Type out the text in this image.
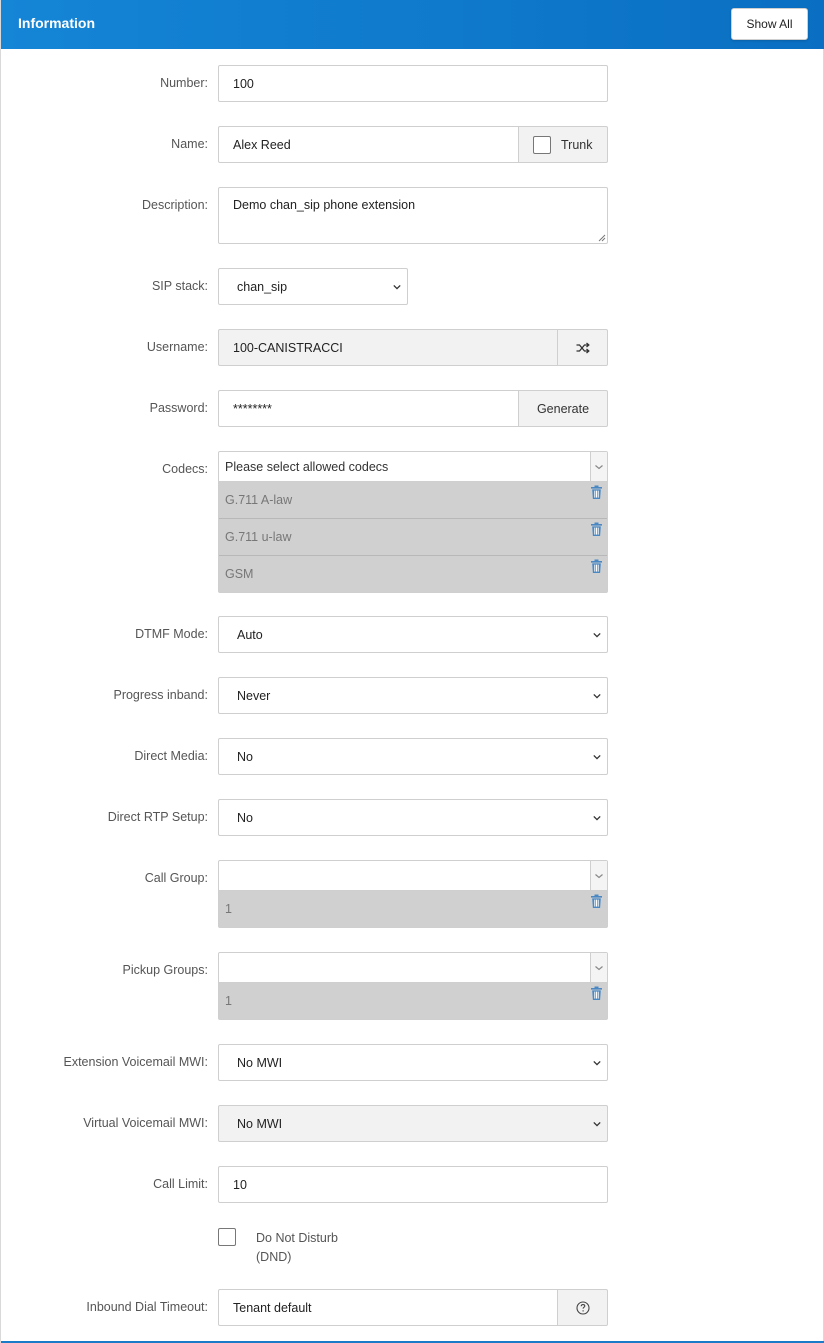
Information	Show All
Number:	100
Name:	Alex Reed	Trunk
Description:	Demo chan_sip phone extension
SIP stack: chan_sip
Username:	100-CANISTRACCI
Password:	********	Generate
Codecs: Please select allowed codecs
G.711 A-law
G.711 u-law
GSM
DTMF Mode: Auto
Progress inband: Never
Direct Media: No
Direct RTP Setup: No
Call Group:
1
Pickup Groups:
1
Extension Voicemail MWI: No MWI
Virtual Voicemail MWI: No MWI
Call Limit:	10
Do Not Disturb
(DND)
Inbound Dial Timeout:	Tenant default
